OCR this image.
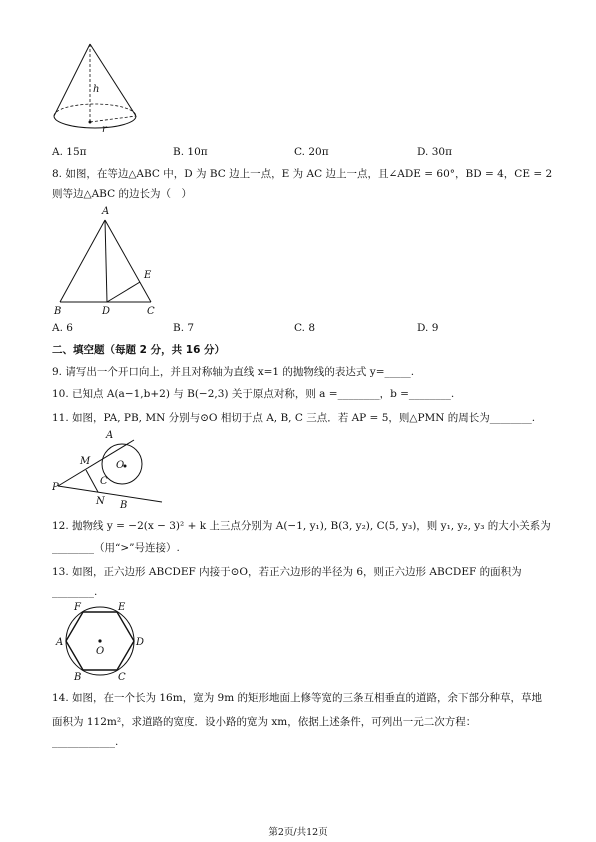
h
r
A. 15π	B. 10π	C. 20π	D. 30π
8. 如图，在等边△ABC 中，D 为 BC 边上一点，E 为 AC 边上一点，且∠ADE = 60°，BD = 4，CE = 2
则等边△ABC 的边长为（　）
A
B	D	C
E
A. 6	B. 7	C. 8	D. 9
二、填空题（每题 2 分，共 16 分）
9. 请写出一个开口向上，并且对称轴为直线 x=1 的抛物线的表达式 y=_____.
10. 已知点 A(a−1,b+2) 与 B(−2,3) 关于原点对称，则 a =________，b =________.
11. 如图，PA, PB, MN 分别与⊙O 相切于点 A, B, C 三点．若 AP = 5，则△PMN 的周长为________.
A
M	O
C
P
N B
12. 抛物线 y = −2(x − 3)² + k 上三点分别为 A(−1, y₁), B(3, y₂), C(5, y₃)，则 y₁, y₂, y₃ 的大小关系为
________（用“>”号连接）.
13. 如图，正六边形 ABCDEF 内接于⊙O，若正六边形的半径为 6，则正六边形 ABCDEF 的面积为
________.
A
F	E
D
C
B
O
14. 如图，在一个长为 16m，宽为 9m 的矩形地面上修等宽的三条互相垂直的道路，余下部分种草，草地
面积为 112m²，求道路的宽度．设小路的宽为 xm，依据上述条件，可列出一元二次方程：
____________.
第2页/共12页
